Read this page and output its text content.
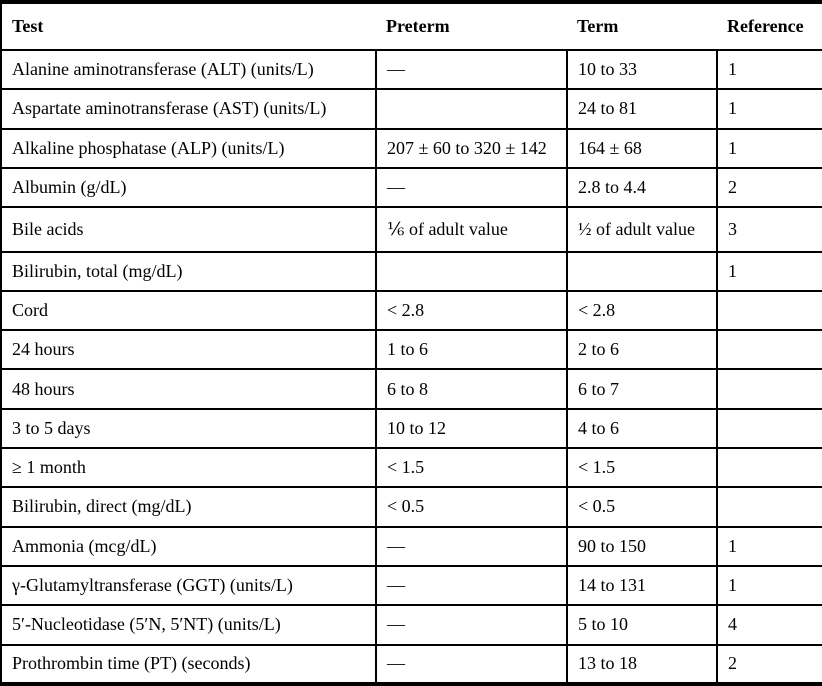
Test	Preterm	Term	Reference
Alanine aminotransferase (ALT) (units/L)	—	10 to 33	1
Aspartate aminotransferase (AST) (units/L)		24 to 81	1
Alkaline phosphatase (ALP) (units/L)	207 ± 60 to 320 ± 142	164 ± 68	1
Albumin (g/dL)	—	2.8 to 4.4	2
Bile acids	⅙ of adult value	½ of adult value	3
Bilirubin, total (mg/dL)			1
Cord	< 2.8	< 2.8	
24 hours	1 to 6	2 to 6	
48 hours	6 to 8	6 to 7	
3 to 5 days	10 to 12	4 to 6	
≥ 1 month	< 1.5	< 1.5	
Bilirubin, direct (mg/dL)	< 0.5	< 0.5	
Ammonia (mcg/dL)	—	90 to 150	1
γ-Glutamyltransferase (GGT) (units/L)	—	14 to 131	1
5′-Nucleotidase (5′N, 5′NT) (units/L)	—	5 to 10	4
Prothrombin time (PT) (seconds)	—	13 to 18	2
